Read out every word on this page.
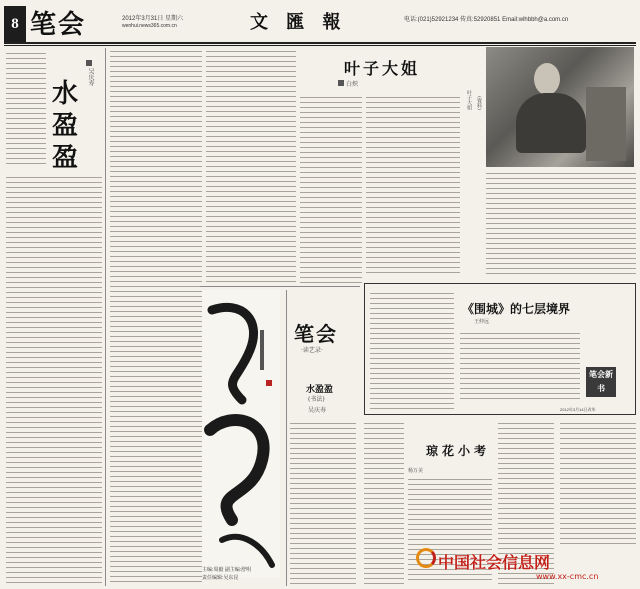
8 笔会	2012年3月31日 星期六
wenhui.news365.com.cn	文 匯 報	电话:(021)52921234 传真:52920851 Email:wlhbbh@a.com.cn
吴庆寿
水盈盈
叶子大姐
白炽
叶子大姐 (資料)
主编:周毅 副主编:舒明
责任编辑:吴东昆
笔会
·读艺录·
水盈盈
(书法)
吴庆寿
《围城》的七层境界
王仲远
笔会新书
2012年3月14日改毕
琼花小考
杨万美
中国社会信息网
www.xx-cmc.cn
